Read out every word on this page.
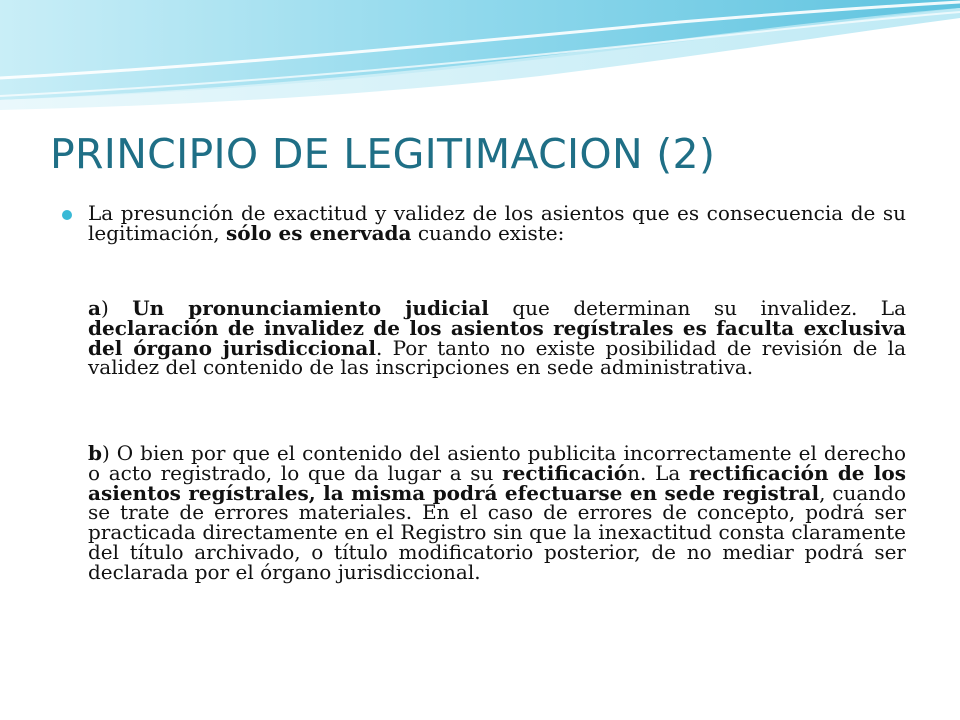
PRINCIPIO DE LEGITIMACION (2)

La presunción de exactitud y validez de los asientos que es consecuencia de su legitimación, sólo es enervada cuando existe:

a) Un pronunciamiento judicial que determinan su invalidez. La declaración de invalidez de los asientos regístrales es faculta exclusiva del órgano jurisdiccional. Por tanto no existe posibilidad de revisión de la validez del contenido de las inscripciones en sede administrativa.

b) O bien por que el contenido del asiento publicita incorrectamente el derecho o acto registrado, lo que da lugar a su rectificación. La rectificación de los asientos regístrales, la misma podrá efectuarse en sede registral, cuando se trate de errores materiales. En el caso de errores de concepto, podrá ser practicada directamente en el Registro sin que la inexactitud consta claramente del título archivado, o título modificatorio posterior, de no mediar podrá ser declarada por el órgano jurisdiccional.
